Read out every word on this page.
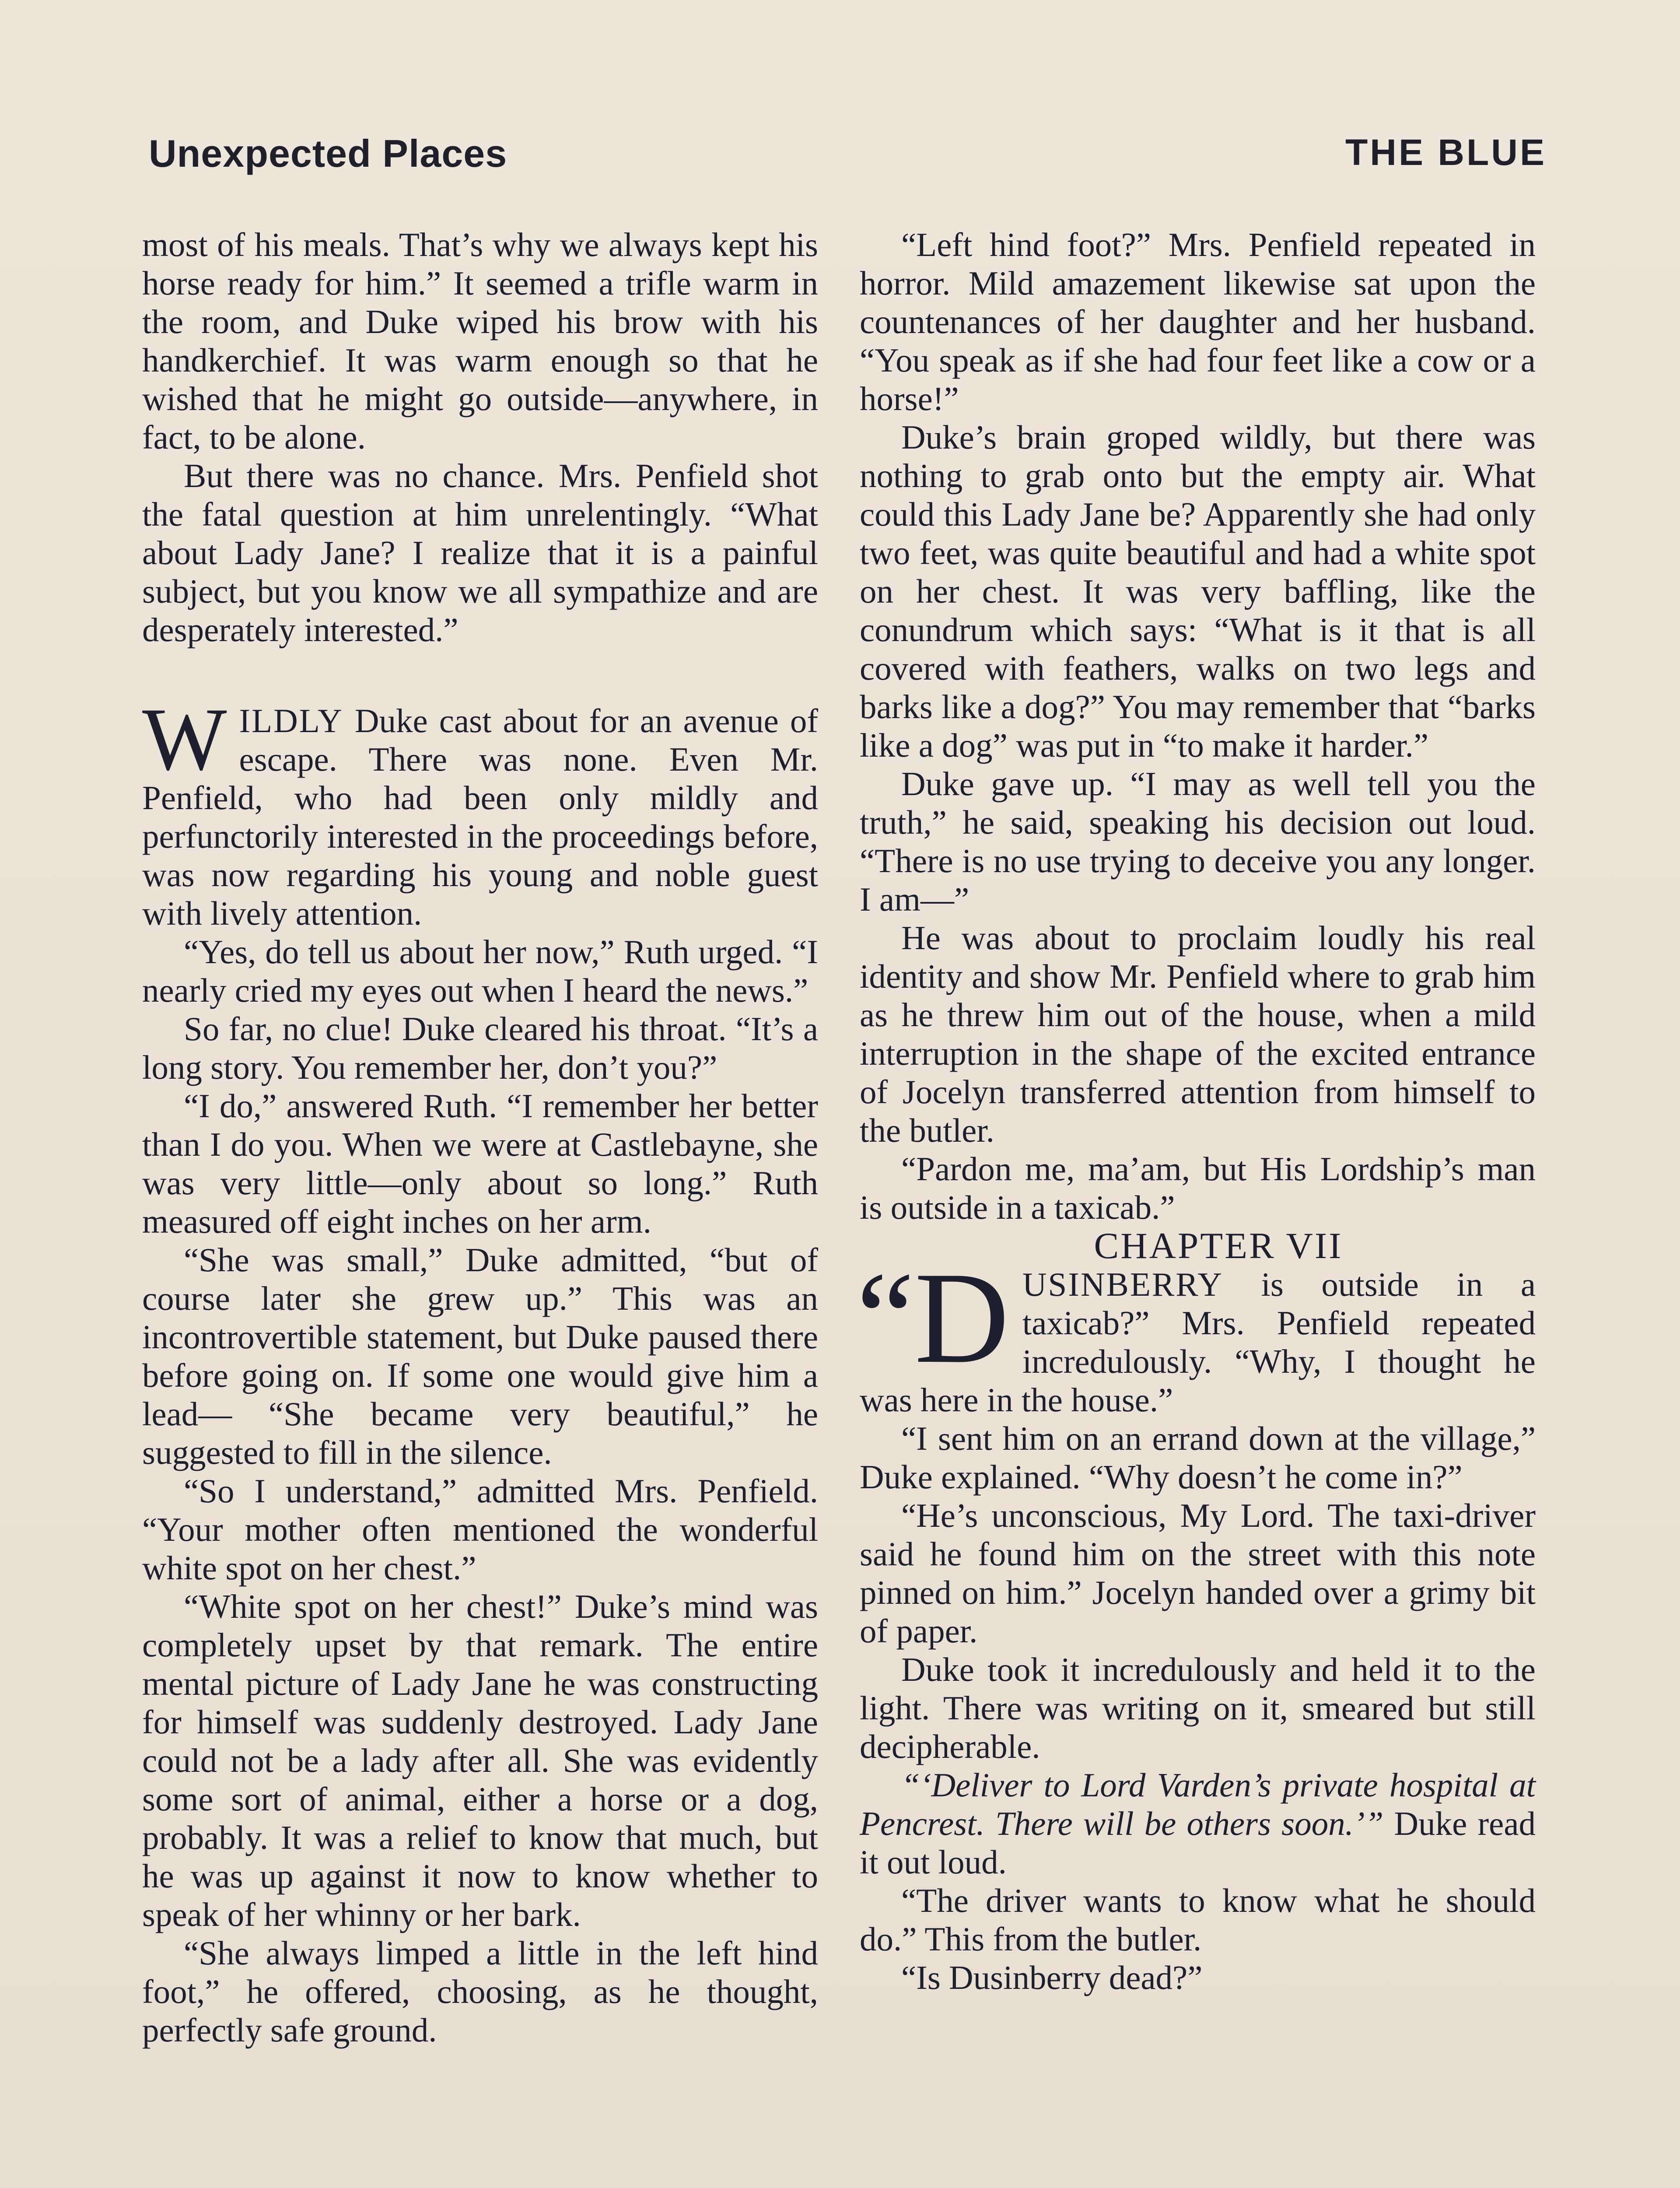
Unexpected Places	THE BLUE

most of his meals. That’s why we always kept his horse ready for him.” It seemed a trifle warm in the room, and Duke wiped his brow with his handkerchief. It was warm enough so that he wished that he might go outside—anywhere, in fact, to be alone.

But there was no chance. Mrs. Penfield shot the fatal question at him unrelentingly. “What about Lady Jane? I realize that it is a painful subject, but you know we all sympathize and are desperately interested.”

WILDLY Duke cast about for an avenue of escape. There was none. Even Mr. Penfield, who had been only mildly and perfunctorily interested in the proceedings before, was now regarding his young and noble guest with lively attention.

“Yes, do tell us about her now,” Ruth urged. “I nearly cried my eyes out when I heard the news.”

So far, no clue! Duke cleared his throat. “It’s a long story. You remember her, don’t you?”

“I do,” answered Ruth. “I remember her better than I do you. When we were at Castlebayne, she was very little—only about so long.” Ruth measured off eight inches on her arm.

“She was small,” Duke admitted, “but of course later she grew up.” This was an incontrovertible statement, but Duke paused there before going on. If some one would give him a lead— “She became very beautiful,” he suggested to fill in the silence.

“So I understand,” admitted Mrs. Penfield. “Your mother often mentioned the wonderful white spot on her chest.”

“White spot on her chest!” Duke’s mind was completely upset by that remark. The entire mental picture of Lady Jane he was constructing for himself was suddenly destroyed. Lady Jane could not be a lady after all. She was evidently some sort of animal, either a horse or a dog, probably. It was a relief to know that much, but he was up against it now to know whether to speak of her whinny or her bark.

“She always limped a little in the left hind foot,” he offered, choosing, as he thought, perfectly safe ground.

“Left hind foot?” Mrs. Penfield repeated in horror. Mild amazement likewise sat upon the countenances of her daughter and her husband. “You speak as if she had four feet like a cow or a horse!”

Duke’s brain groped wildly, but there was nothing to grab onto but the empty air. What could this Lady Jane be? Apparently she had only two feet, was quite beautiful and had a white spot on her chest. It was very baffling, like the conundrum which says: “What is it that is all covered with feathers, walks on two legs and barks like a dog?” You may remember that “barks like a dog” was put in “to make it harder.”

Duke gave up. “I may as well tell you the truth,” he said, speaking his decision out loud. “There is no use trying to deceive you any longer. I am—”

He was about to proclaim loudly his real identity and show Mr. Penfield where to grab him as he threw him out of the house, when a mild interruption in the shape of the excited entrance of Jocelyn transferred attention from himself to the butler.

“Pardon me, ma’am, but His Lordship’s man is outside in a taxicab.”

CHAPTER VII

“D USINBERRY is outside in a taxicab?” Mrs. Penfield repeated incredulously. “Why, I thought he was here in the house.”

“I sent him on an errand down at the village,” Duke explained. “Why doesn’t he come in?”

“He’s unconscious, My Lord. The taxi-driver said he found him on the street with this note pinned on him.” Jocelyn handed over a grimy bit of paper.

Duke took it incredulously and held it to the light. There was writing on it, smeared but still decipherable.

“‘Deliver to Lord Varden’s private hospital at Pencrest. There will be others soon.’” Duke read it out loud.

“The driver wants to know what he should do.” This from the butler.

“Is Dusinberry dead?”
